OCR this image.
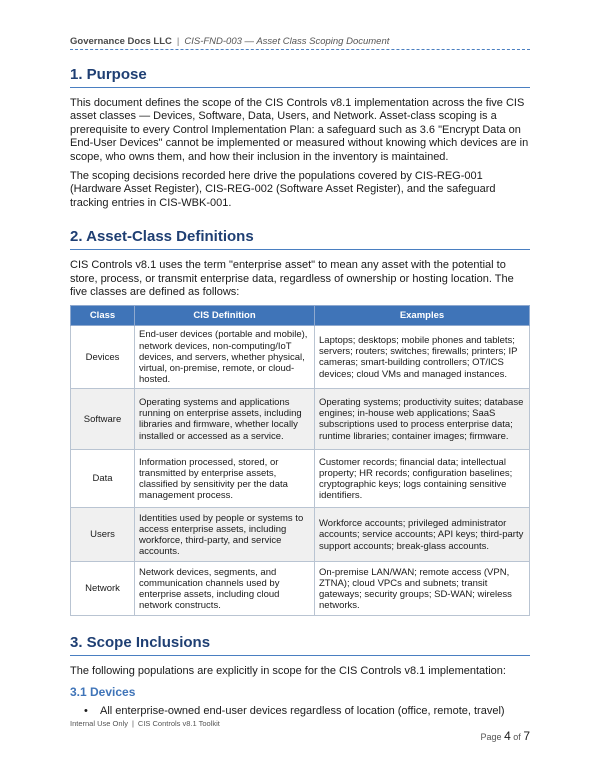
Governance Docs LLC | CIS-FND-003 — Asset Class Scoping Document
1. Purpose

This document defines the scope of the CIS Controls v8.1 implementation across the five CIS asset classes — Devices, Software, Data, Users, and Network. Asset-class scoping is a prerequisite to every Control Implementation Plan: a safeguard such as 3.6 "Encrypt Data on End-User Devices" cannot be implemented or measured without knowing which devices are in scope, who owns them, and how their inclusion in the inventory is maintained.

The scoping decisions recorded here drive the populations covered by CIS-REG-001 (Hardware Asset Register), CIS-REG-002 (Software Asset Register), and the safeguard tracking entries in CIS-WBK-001.

2. Asset-Class Definitions

CIS Controls v8.1 uses the term "enterprise asset" to mean any asset with the potential to store, process, or transmit enterprise data, regardless of ownership or hosting location. The five classes are defined as follows:

Class	CIS Definition	Examples
Devices	End-user devices (portable and mobile), network devices, non-computing/IoT devices, and servers, whether physical, virtual, on-premise, remote, or cloud-hosted.	Laptops; desktops; mobile phones and tablets; servers; routers; switches; firewalls; printers; IP cameras; smart-building controllers; OT/ICS devices; cloud VMs and managed instances.
Software	Operating systems and applications running on enterprise assets, including libraries and firmware, whether locally installed or accessed as a service.	Operating systems; productivity suites; database engines; in-house web applications; SaaS subscriptions used to process enterprise data; runtime libraries; container images; firmware.
Data	Information processed, stored, or transmitted by enterprise assets, classified by sensitivity per the data management process.	Customer records; financial data; intellectual property; HR records; configuration baselines; cryptographic keys; logs containing sensitive identifiers.
Users	Identities used by people or systems to access enterprise assets, including workforce, third-party, and service accounts.	Workforce accounts; privileged administrator accounts; service accounts; API keys; third-party support accounts; break-glass accounts.
Network	Network devices, segments, and communication channels used by enterprise assets, including cloud network constructs.	On-premise LAN/WAN; remote access (VPN, ZTNA); cloud VPCs and subnets; transit gateways; security groups; SD-WAN; wireless networks.
3. Scope Inclusions

The following populations are explicitly in scope for the CIS Controls v8.1 implementation:

3.1 Devices
• All enterprise-owned end-user devices regardless of location (office, remote, travel)
Internal Use Only | CIS Controls v8.1 Toolkit
Page 4 of 7
